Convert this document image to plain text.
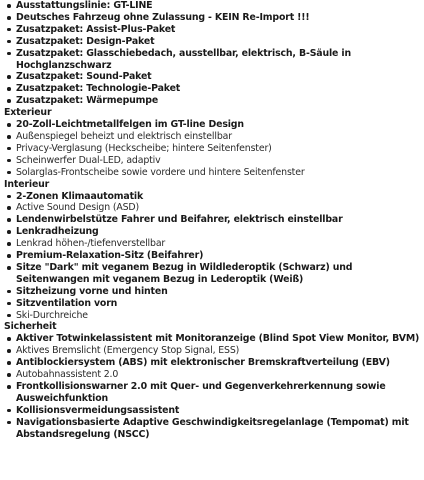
Ausstattungslinie: GT-LINE
Deutsches Fahrzeug ohne Zulassung - KEIN Re-Import !!!
Zusatzpaket: Assist-Plus-Paket
Zusatzpaket: Design-Paket
Zusatzpaket: Glasschiebedach, ausstellbar, elektrisch, B-Säule in Hochglanzschwarz
Zusatzpaket: Sound-Paket
Zusatzpaket: Technologie-Paket
Zusatzpaket: Wärmepumpe
Exterieur
20-Zoll-Leichtmetallfelgen im GT-line Design
Außenspiegel beheizt und elektrisch einstellbar
Privacy-Verglasung (Heckscheibe; hintere Seitenfenster)
Scheinwerfer Dual-LED, adaptiv
Solarglas-Frontscheibe sowie vordere und hintere Seitenfenster
Interieur
2-Zonen Klimaautomatik
Active Sound Design (ASD)
Lendenwirbelstütze Fahrer und Beifahrer, elektrisch einstellbar
Lenkradheizung
Lenkrad höhen-/tiefenverstellbar
Premium-Relaxation-Sitz (Beifahrer)
Sitze "Dark" mit veganem Bezug in Wildlederoptik (Schwarz) und Seitenwangen mit veganem Bezug in Lederoptik (Weiß)
Sitzheizung vorne und hinten
Sitzventilation vorn
Ski-Durchreiche
Sicherheit
Aktiver Totwinkelassistent mit Monitoranzeige (Blind Spot View Monitor, BVM)
Aktives Bremslicht (Emergency Stop Signal, ESS)
Antiblockiersystem (ABS) mit elektronischer Bremskraftverteilung (EBV)
Autobahnassistent 2.0
Frontkollisionswarner 2.0 mit Quer- und Gegenverkehrerkennung sowie Ausweichfunktion
Kollisionsvermeidungsassistent
Navigationsbasierte Adaptive Geschwindigkeitsregelanlage (Tempomat) mit Abstandsregelung (NSCC)
